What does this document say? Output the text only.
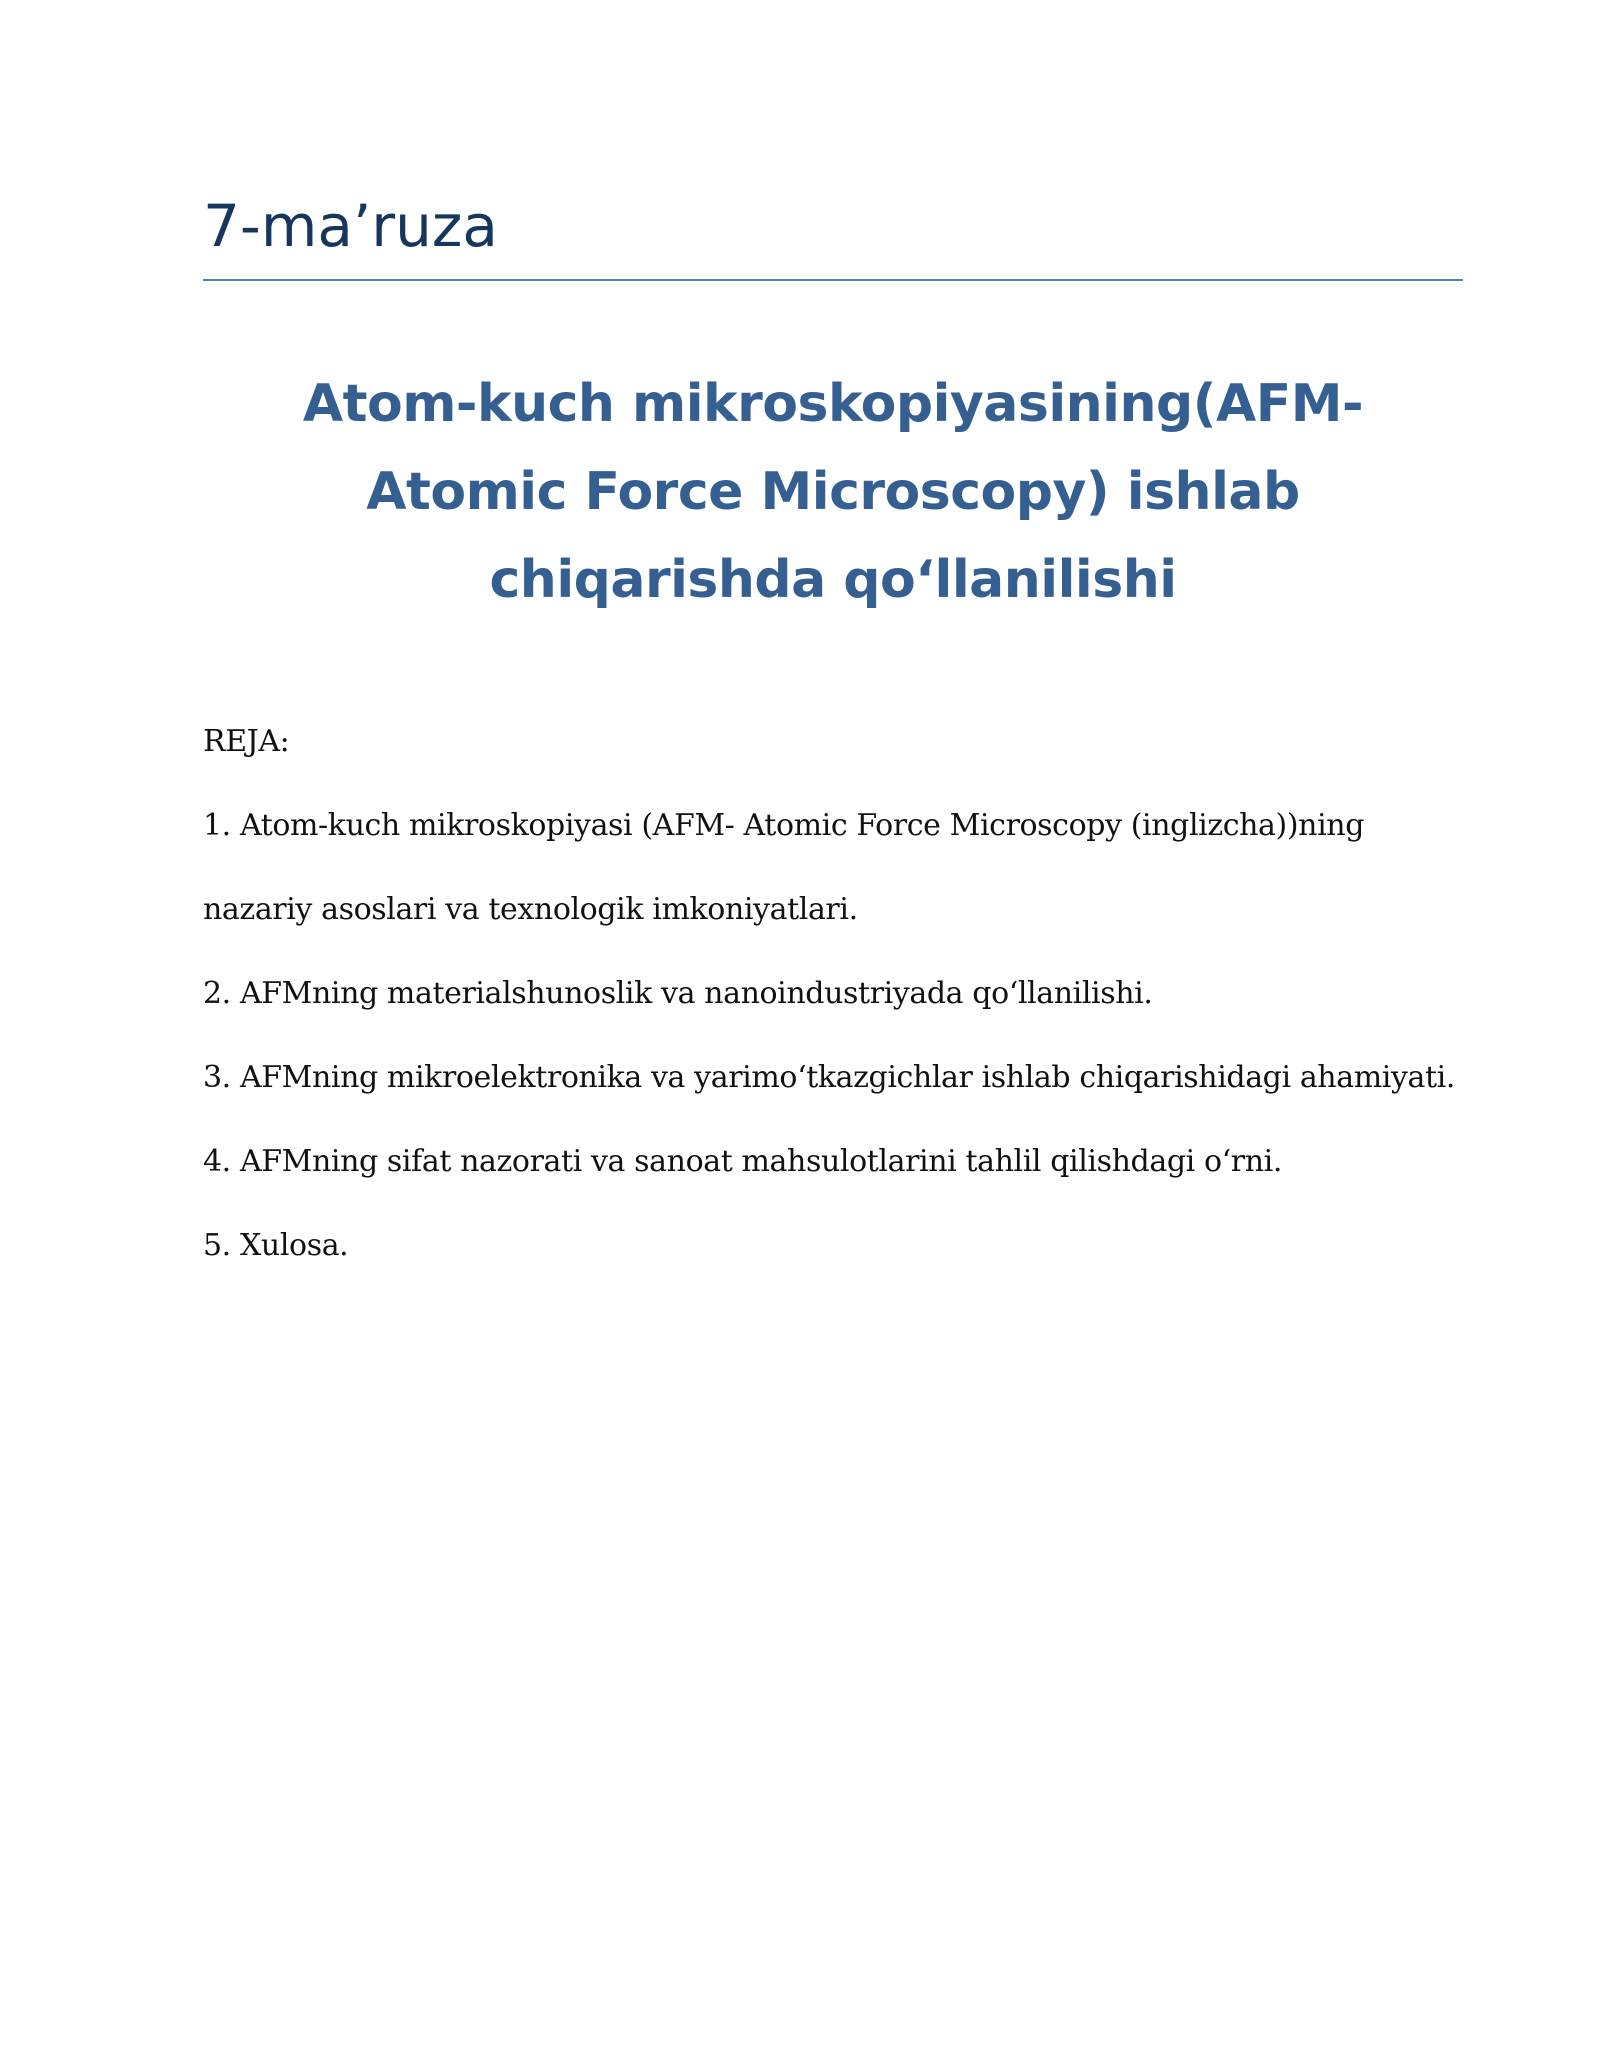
7-ma’ruza
Atom-kuch mikroskopiyasining(AFM- Atomic Force Microscopy) ishlab chiqarishda qo‘llanilishi

REJA:

1. Atom-kuch mikroskopiyasi (AFM- Atomic Force Microscopy (inglizcha))ning nazariy asoslari va texnologik imkoniyatlari.

2. AFMning materialshunoslik va nanoindustriyada qo‘llanilishi.

3. AFMning mikroelektronika va yarimo‘tkazgichlar ishlab chiqarishidagi ahamiyati.

4. AFMning sifat nazorati va sanoat mahsulotlarini tahlil qilishdagi o‘rni.

5. Xulosa.
